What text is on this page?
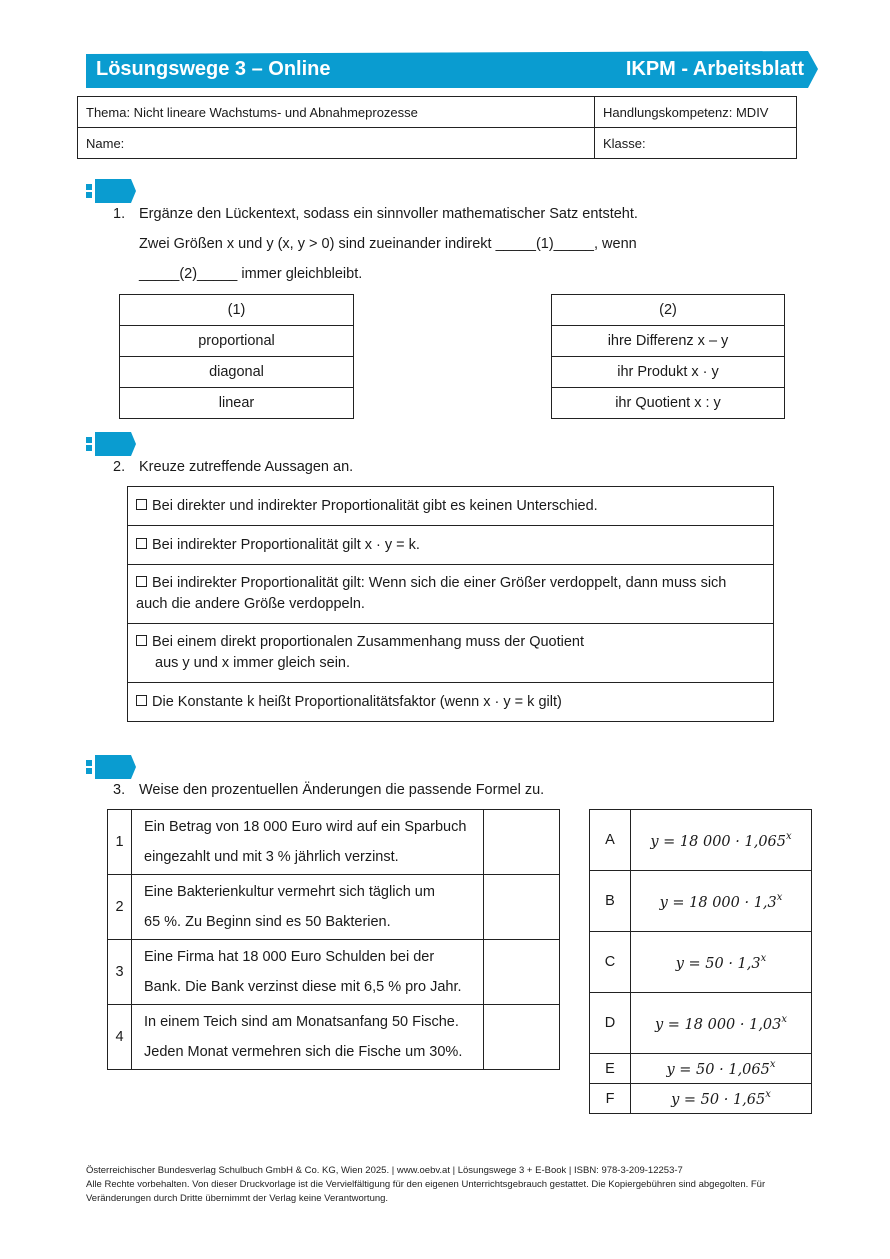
Lösungswege 3 – Online	IKPM - Arbeitsblatt
Thema: Nicht lineare Wachstums- und Abnahmeprozesse	Handlungskompetenz: MDIV
Name:	Klasse:
1. Ergänze den Lückentext, sodass ein sinnvoller mathematischer Satz entsteht.
Zwei Größen x und y (x, y > 0) sind zueinander indirekt _____(1)_____, wenn
_____(2)_____ immer gleichbleibt.
(1)
proportional
diagonal
linear
(2)
ihre Differenz x – y
ihr Produkt x · y
ihr Quotient x : y
2. Kreuze zutreffende Aussagen an.
Bei direkter und indirekter Proportionalität gibt es keinen Unterschied.
Bei indirekter Proportionalität gilt x · y = k.
Bei indirekter Proportionalität gilt: Wenn sich die einer Größer verdoppelt, dann muss sich
auch die andere Größe verdoppeln.
Bei einem direkt proportionalen Zusammenhang muss der Quotient
aus y und x immer gleich sein.
Die Konstante k heißt Proportionalitätsfaktor (wenn x · y = k gilt)
3. Weise den prozentuellen Änderungen die passende Formel zu.
1	Ein Betrag von 18 000 Euro wird auf ein Sparbuch
eingezahlt und mit 3 % jährlich verzinst.	
2	Eine Bakterienkultur vermehrt sich täglich um
65 %. Zu Beginn sind es 50 Bakterien.	
3	Eine Firma hat 18 000 Euro Schulden bei der
Bank. Die Bank verzinst diese mit 6,5 % pro Jahr.	
4	In einem Teich sind am Monatsanfang 50 Fische.
Jeden Monat vermehren sich die Fische um 30%.	
A	y = 18 $000 \cdot 1,065^x$
B	y = 18 $000 \cdot 1,3^x$
C	$y = 50 \cdot 1,3^x$
D	y = 18 $000 \cdot 1,03^x$
E	$y = 50 \cdot 1,065^x$
F	$y = 50 \cdot 1,65^x$
Österreichischer Bundesverlag Schulbuch GmbH & Co. KG, Wien 2025. | www.oebv.at | Lösungswege 3 + E-Book | ISBN: 978-3-209-12253-7
Alle Rechte vorbehalten. Von dieser Druckvorlage ist die Vervielfältigung für den eigenen Unterrichtsgebrauch gestattet. Die Kopiergebühren sind abgegolten. Für
Veränderungen durch Dritte übernimmt der Verlag keine Verantwortung.
